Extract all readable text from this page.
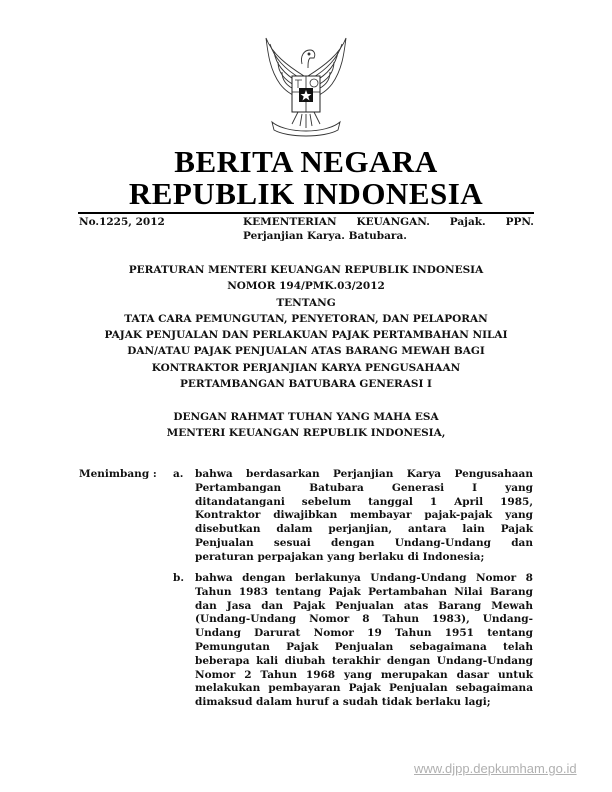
BERITA NEGARA
REPUBLIK INDONESIA
No.1225, 2012	KEMENTERIAN KEUANGAN. Pajak. PPN.
Perjanjian Karya. Batubara.
PERATURAN MENTERI KEUANGAN REPUBLIK INDONESIA
NOMOR 194/PMK.03/2012
TENTANG
TATA CARA PEMUNGUTAN, PENYETORAN, DAN PELAPORAN
PAJAK PENJUALAN DAN PERLAKUAN PAJAK PERTAMBAHAN NILAI
DAN/ATAU PAJAK PENJUALAN ATAS BARANG MEWAH BAGI
KONTRAKTOR PERJANJIAN KARYA PENGUSAHAAN
PERTAMBANGAN BATUBARA GENERASI I
DENGAN RAHMAT TUHAN YANG MAHA ESA
MENTERI KEUANGAN REPUBLIK INDONESIA,
Menimbang : a. bahwa berdasarkan Perjanjian Karya Pengusahaan
Pertambangan Batubara Generasi I yang
ditandatangani sebelum tanggal 1 April 1985,
Kontraktor diwajibkan membayar pajak-pajak yang
disebutkan dalam perjanjian, antara lain Pajak
Penjualan sesuai dengan Undang-Undang dan
peraturan perpajakan yang berlaku di Indonesia;
b. bahwa dengan berlakunya Undang-Undang Nomor 8
Tahun 1983 tentang Pajak Pertambahan Nilai Barang
dan Jasa dan Pajak Penjualan atas Barang Mewah
(Undang-Undang Nomor 8 Tahun 1983), Undang-
Undang Darurat Nomor 19 Tahun 1951 tentang
Pemungutan Pajak Penjualan sebagaimana telah
beberapa kali diubah terakhir dengan Undang-Undang
Nomor 2 Tahun 1968 yang merupakan dasar untuk
melakukan pembayaran Pajak Penjualan sebagaimana
dimaksud dalam huruf a sudah tidak berlaku lagi;
www.djpp.depkumham.go.id
